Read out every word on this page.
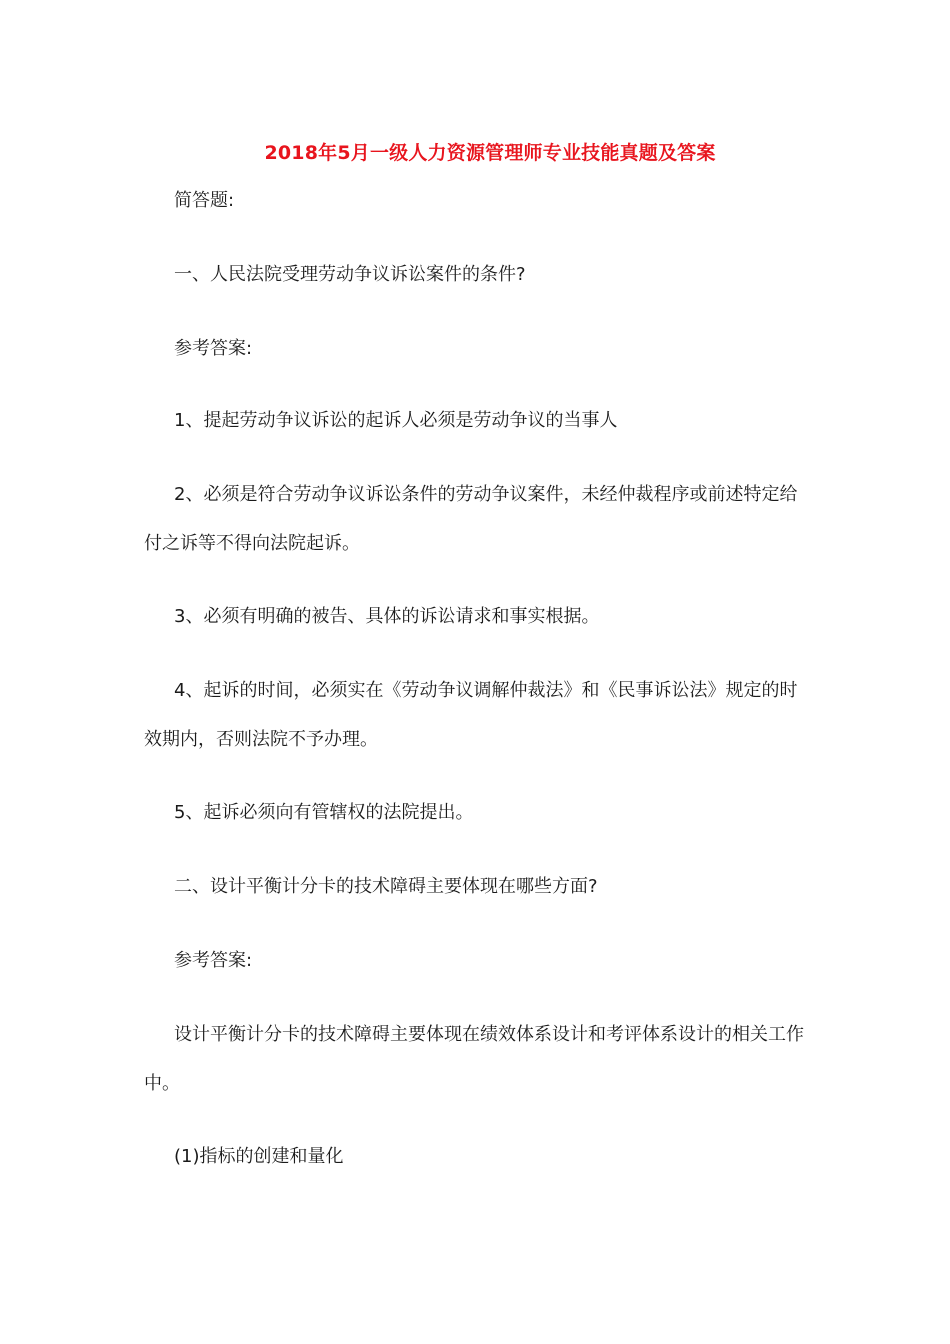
2018年5月一级人力资源管理师专业技能真题及答案

简答题:

一、人民法院受理劳动争议诉讼案件的条件?

参考答案:

1、提起劳动争议诉讼的起诉人必须是劳动争议的当事人

2、必须是符合劳动争议诉讼条件的劳动争议案件，未经仲裁程序或前述特定给付之诉等不得向法院起诉。

3、必须有明确的被告、具体的诉讼请求和事实根据。

4、起诉的时间，必须实在《劳动争议调解仲裁法》和《民事诉讼法》规定的时效期内，否则法院不予办理。

5、起诉必须向有管辖权的法院提出。

二、设计平衡计分卡的技术障碍主要体现在哪些方面?

参考答案:

设计平衡计分卡的技术障碍主要体现在绩效体系设计和考评体系设计的相关工作中。

(1)指标的创建和量化
